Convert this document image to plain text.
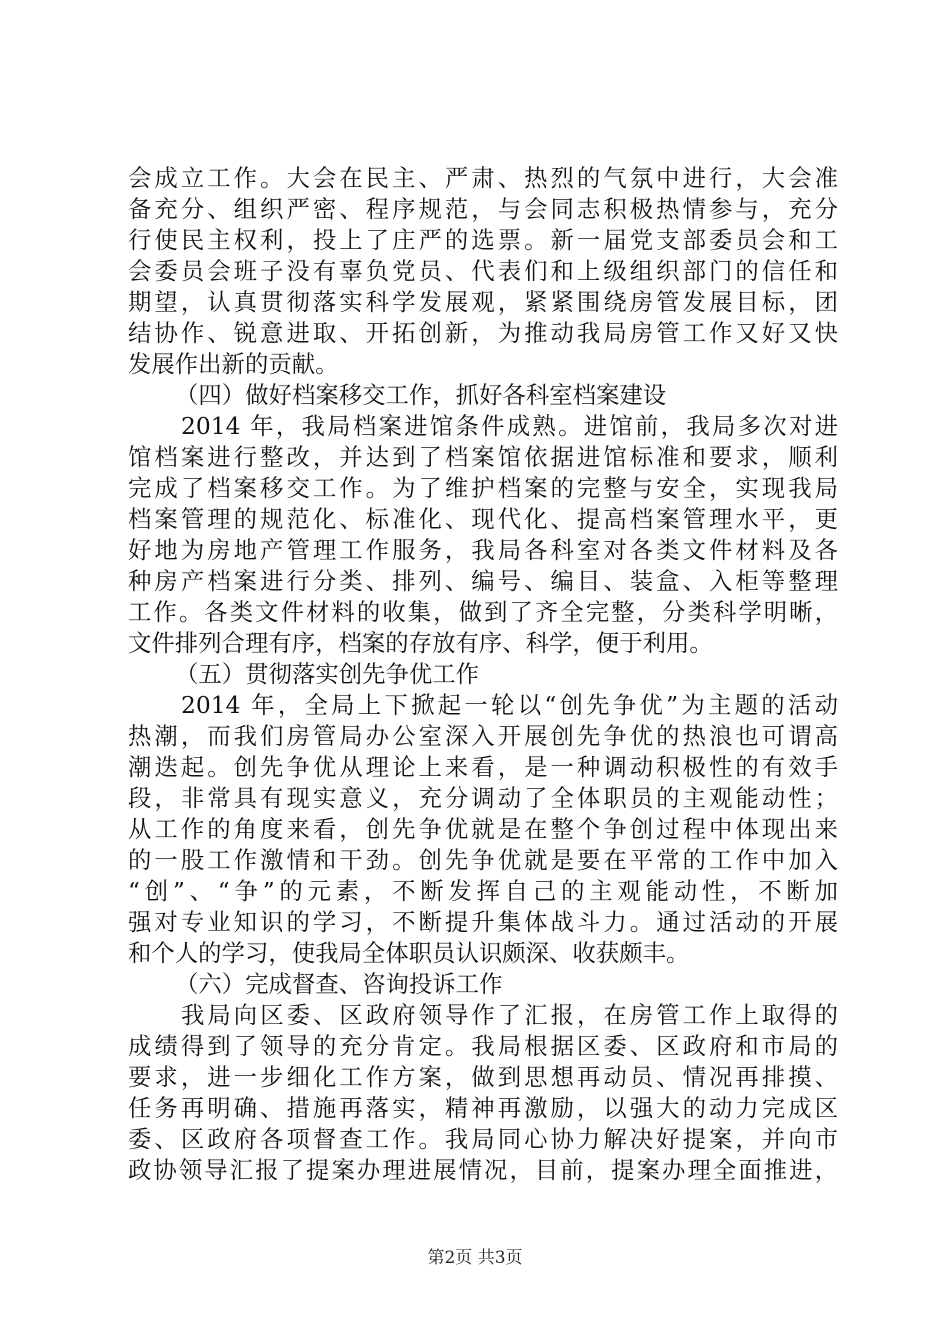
会成立工作。大会在民主、严肃、热烈的气氛中进行，大会准
备充分、组织严密、程序规范，与会同志积极热情参与，充分
行使民主权利，投上了庄严的选票。新一届党支部委员会和工
会委员会班子没有辜负党员、代表们和上级组织部门的信任和
期望，认真贯彻落实科学发展观，紧紧围绕房管发展目标，团
结协作、锐意进取、开拓创新，为推动我局房管工作又好又快
发展作出新的贡献。
（四）做好档案移交工作，抓好各科室档案建设
2014 年，我局档案进馆条件成熟。进馆前，我局多次对进
馆档案进行整改，并达到了档案馆依据进馆标准和要求，顺利
完成了档案移交工作。为了维护档案的完整与安全，实现我局
档案管理的规范化、标准化、现代化、提高档案管理水平，更
好地为房地产管理工作服务，我局各科室对各类文件材料及各
种房产档案进行分类、排列、编号、编目、装盒、入柜等整理
工作。各类文件材料的收集，做到了齐全完整，分类科学明晰，
文件排列合理有序，档案的存放有序、科学，便于利用。
（五）贯彻落实创先争优工作
2014 年，全局上下掀起一轮以“创先争优”为主题的活动
热潮，而我们房管局办公室深入开展创先争优的热浪也可谓高
潮迭起。创先争优从理论上来看，是一种调动积极性的有效手
段，非常具有现实意义，充分调动了全体职员的主观能动性；
从工作的角度来看，创先争优就是在整个争创过程中体现出来
的一股工作激情和干劲。创先争优就是要在平常的工作中加入
“创”、“争”的元素，不断发挥自己的主观能动性，不断加
强对专业知识的学习，不断提升集体战斗力。通过活动的开展
和个人的学习，使我局全体职员认识颇深、收获颇丰。
（六）完成督查、咨询投诉工作
我局向区委、区政府领导作了汇报，在房管工作上取得的
成绩得到了领导的充分肯定。我局根据区委、区政府和市局的
要求，进一步细化工作方案，做到思想再动员、情况再排摸、
任务再明确、措施再落实，精神再激励，以强大的动力完成区
委、区政府各项督查工作。我局同心协力解决好提案，并向市
政协领导汇报了提案办理进展情况，目前，提案办理全面推进，
第2页 共3页
